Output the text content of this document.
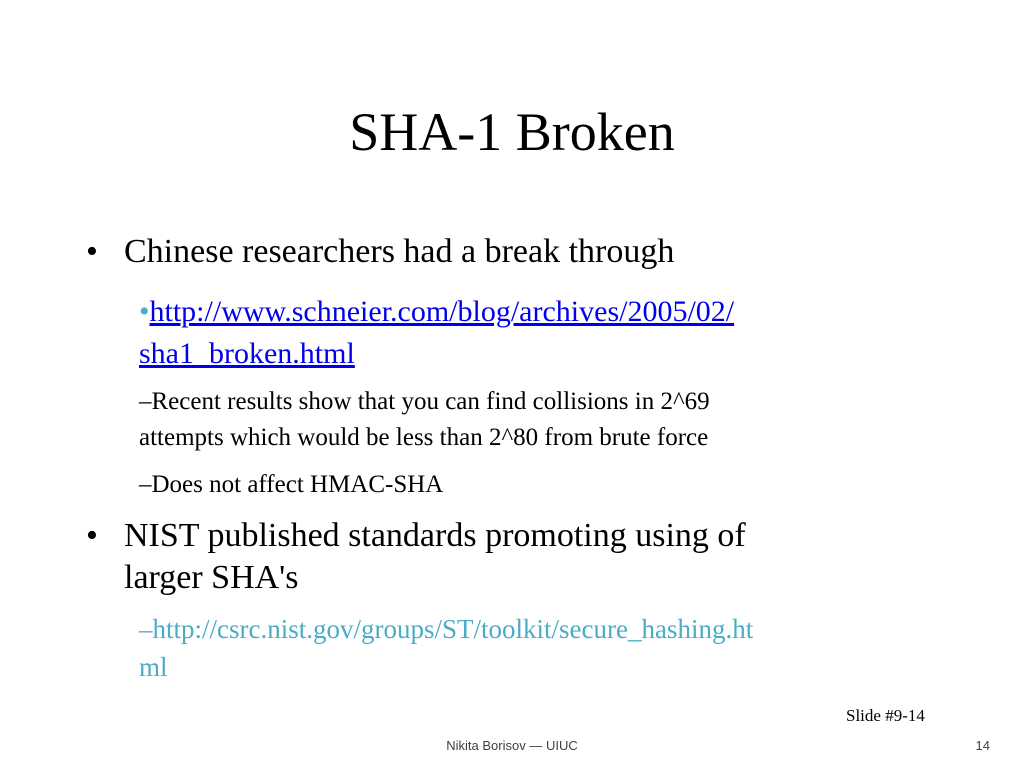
SHA-1 Broken
• Chinese researchers had a break through
•http://www.schneier.com/blog/archives/2005/02/
sha1_broken.html
–Recent results show that you can find collisions in 2^69
attempts which would be less than 2^80 from brute force
–Does not affect HMAC-SHA
• NIST published standards promoting using of
larger SHA's
–http://csrc.nist.gov/groups/ST/toolkit/secure_hashing.ht
ml
Slide #9-14
Nikita Borisov — UIUC	14
